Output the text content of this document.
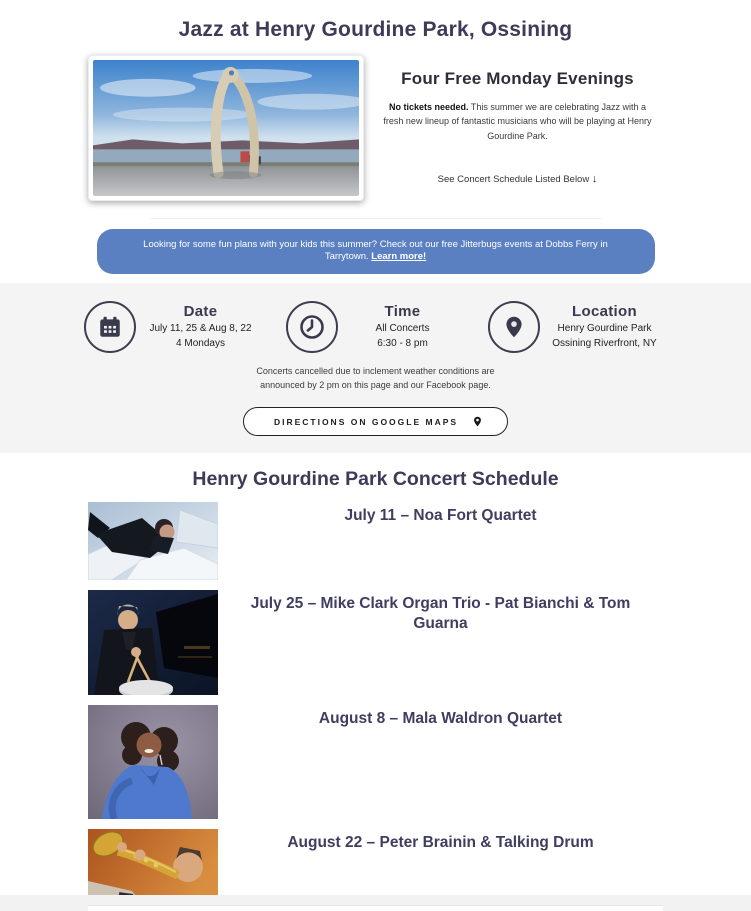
Jazz at Henry Gourdine Park, Ossining
Four Free Monday Evenings
No tickets needed. This summer we are celebrating Jazz with a fresh new lineup of fantastic musicians who will be playing at Henry Gourdine Park.
See Concert Schedule Listed Below ↓
Looking for some fun plans with your kids this summer? Check out our free Jitterbugs events at Dobbs Ferry in Tarrytown. Learn more!
Date
July 11, 25 & Aug 8, 22
4 Mondays
Time
All Concerts
6:30 - 8 pm
Location
Henry Gourdine Park
Ossining Riverfront, NY
Concerts cancelled due to inclement weather conditions are
announced by 2 pm on this page and our Facebook page.
DIRECTIONS ON GOOGLE MAPS
Henry Gourdine Park Concert Schedule
July 11 – Noa Fort Quartet
July 25 – Mike Clark Organ Trio - Pat Bianchi & Tom Guarna
August 8 – Mala Waldron Quartet
August 22 – Peter Brainin & Talking Drum
